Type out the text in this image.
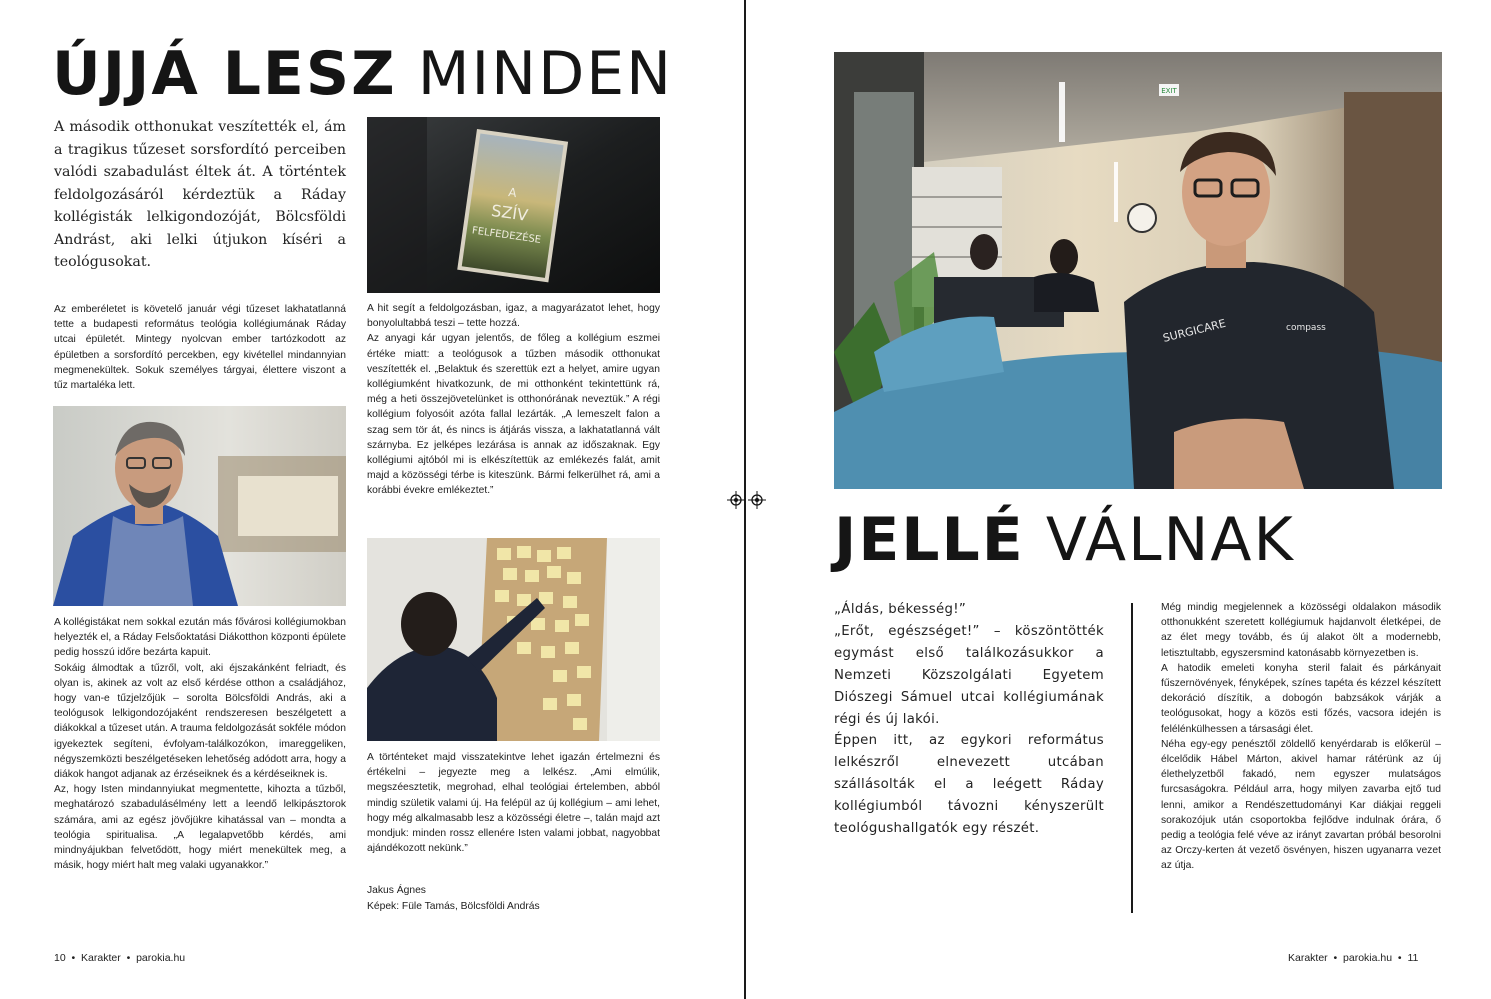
ÚJJÁ LESZ MINDEN
A második otthonukat veszítették el, ám a tragikus tűzeset sorsfordító perceiben valódi szabadulást éltek át. A történtek feldolgozásáról kérdeztük a Ráday kollégisták lelkigondozóját, Bölcsföldi Andrást, aki lelki útjukon kíséri a teológusokat.
A
SZÍV
FELFEDEZÉSE
Az emberéletet is követelő január végi tűzeset lakhatatlanná tette a budapesti református teológia kollégiumának Ráday utcai épületét. Mintegy nyolcvan ember tartózkodott az épületben a sorsfordító percekben, egy kivétellel mindannyian megmenekültek. Sokuk személyes tárgyai, élettere viszont a tűz martaléka lett.

A kollégistákat nem sokkal ezután más fővárosi kollégiumokban helyezték el, a Ráday Felsőoktatási Diákotthon központi épülete pedig hosszú időre bezárta kapuit.

Sokáig álmodtak a tűzről, volt, aki éjszakánként felriadt, és olyan is, akinek az volt az első kérdése otthon a családjához, hogy van-e tűzjelzőjük – sorolta Bölcsföldi András, aki a teológusok lelkigondozójaként rendszeresen beszélgetett a diákokkal a tűzeset után. A trauma feldolgozását sokféle módon igyekeztek segíteni, évfolyam-találkozókon, imareggeliken, négyszemközti beszélgetéseken lehetőség adódott arra, hogy a diákok hangot adjanak az érzéseiknek és a kérdéseiknek is.

Az, hogy Isten mindannyiukat megmentette, kihozta a tűzből, meghatározó szabadulásélmény lett a leendő lelkipásztorok számára, ami az egész jövőjükre kihatással van – mondta a teológia spiritualisa. „A legalapvetőbb kérdés, ami mindnyájukban felvetődött, hogy miért menekültek meg, a másik, hogy miért halt meg valaki ugyanakkor.”

A hit segít a feldolgozásban, igaz, a magyarázatot lehet, hogy bonyolultabbá teszi – tette hozzá.

Az anyagi kár ugyan jelentős, de főleg a kollégium eszmei értéke miatt: a teológusok a tűzben második otthonukat veszítették el. „Belaktuk és szerettük ezt a helyet, amire ugyan kollégiumként hivatkozunk, de mi otthonként tekintettünk rá, még a heti összejövetelünket is otthonórának neveztük.” A régi kollégium folyosóit azóta fallal lezárták. „A lemeszelt falon a szag sem tör át, és nincs is átjárás vissza, a lakhatatlanná vált szárnyba. Ez jelképes lezárása is annak az időszaknak. Egy kollégiumi ajtóból mi is elkészítettük az emlékezés falát, amit majd a közösségi térbe is kiteszünk. Bármi felkerülhet rá, ami a korábbi évekre emlékeztet.”

A történteket majd visszatekintve lehet igazán értelmezni és értékelni – jegyezte meg a lelkész. „Ami elmúlik, megszéesztetik, megrohad, elhal teológiai értelemben, abból mindig születik valami új. Ha felépül az új kollégium – ami lehet, hogy még alkalmasabb lesz a közösségi életre –, talán majd azt mondjuk: minden rossz ellenére Isten valami jobbat, nagyobbat ajándékozott nekünk.”
Jakus Ágnes
Képek: Füle Tamás, Bölcsföldi András
10  •  Karakter  •  parokia.hu
EXIT
SURGICARE	compass
JELLÉ VÁLNAK

„Áldás, békesség!”

„Erőt, egészséget!” – köszöntötték egymást első találkozásukkor a Nemzeti Közszolgálati Egyetem Diószegi Sámuel utcai kollégiumának régi és új lakói.

Éppen itt, az egykori református lelkészről elnevezett utcában szállásolták el a leégett Ráday kollégiumból távozni kényszerült teológushallgatók egy részét.

Még mindig megjelennek a közösségi oldalakon második otthonukként szeretett kollégiumuk hajdanvolt életképei, de az élet megy tovább, és új alakot ölt a modernebb, letisztultabb, egyszersmind katonásabb környezetben is.

A hatodik emeleti konyha steril falait és párkányait fűszernövények, fényképek, színes tapéta és kézzel készített dekoráció díszítik, a dobogón babzsákok várják a teológusokat, hogy a közös esti főzés, vacsora idején is felélénkülhessen a társasági élet.

Néha egy-egy penésztől zöldellő kenyérdarab is előkerül – élcelődik Hábel Márton, akivel hamar rátérünk az új élethelyzetből fakadó, nem egyszer mulatságos furcsaságokra. Például arra, hogy milyen zavarba ejtő tud lenni, amikor a Rendészettudományi Kar diákjai reggeli sorakozójuk után csoportokba fejlődve indulnak órára, ő pedig a teológia felé véve az irányt zavartan próbál besorolni az Orczy-kerten át vezető ösvényen, hiszen ugyanarra vezet az útja.

Karakter  •  parokia.hu  •  11
